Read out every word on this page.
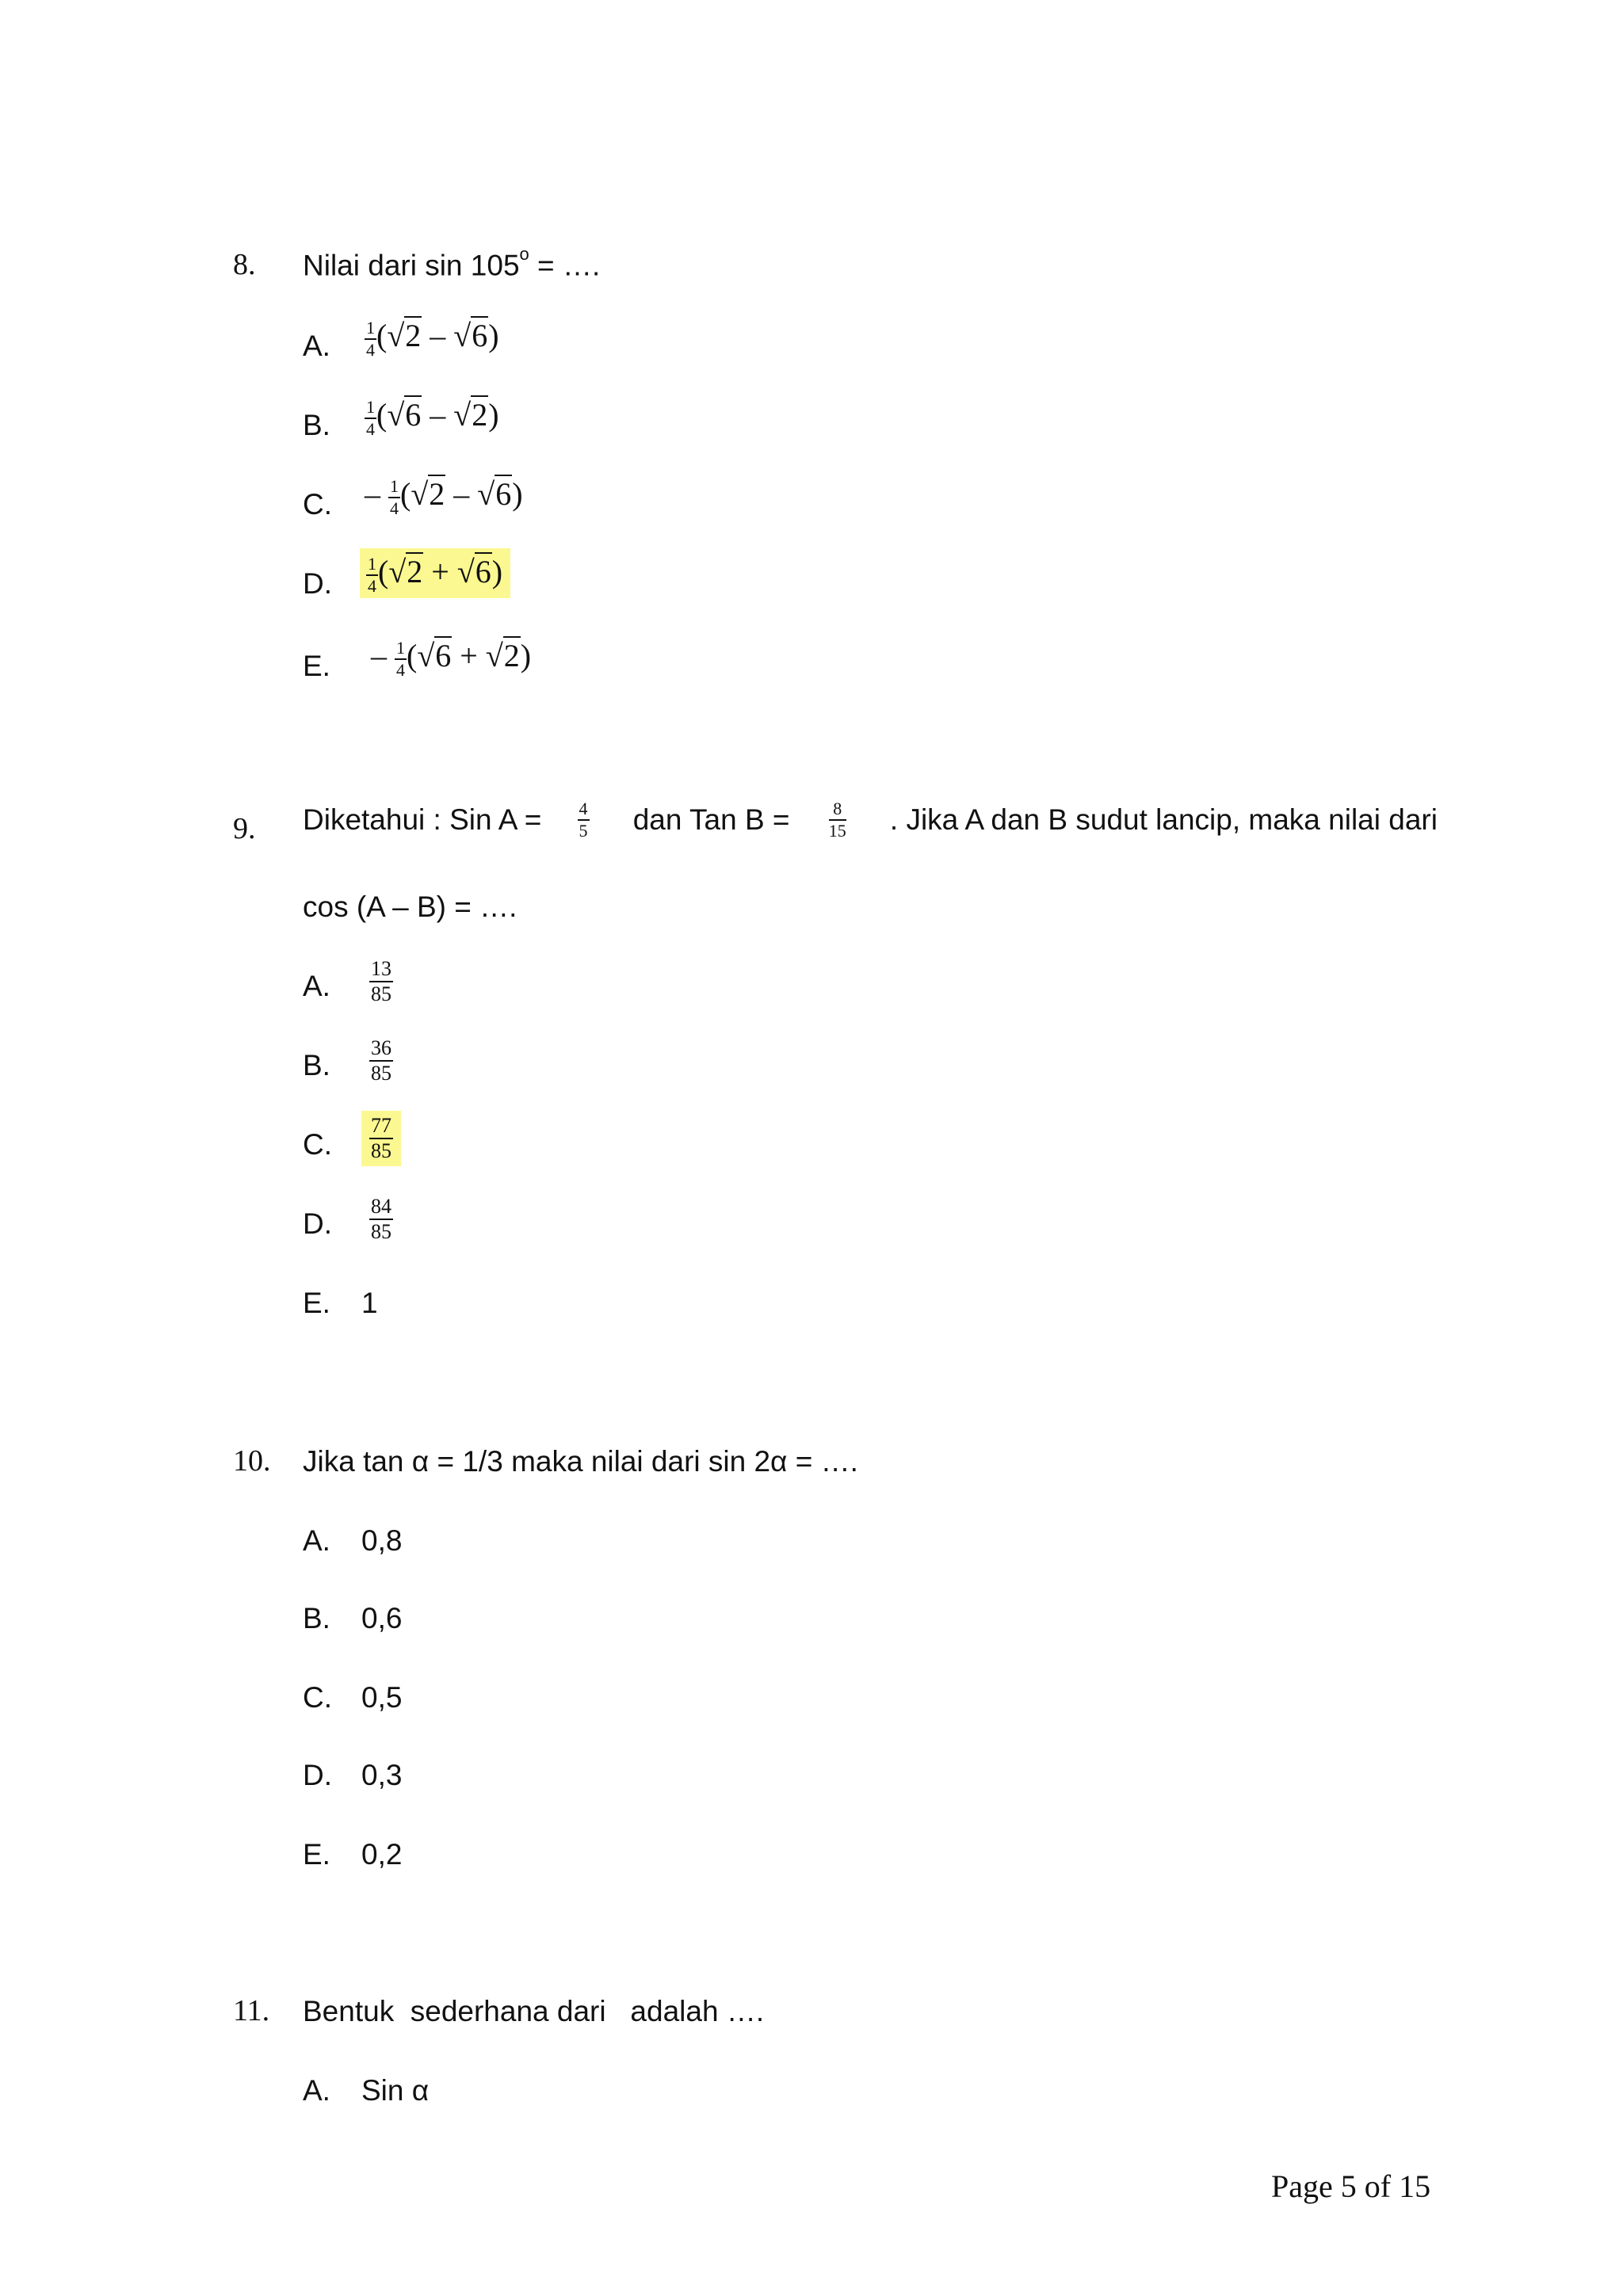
8. Nilai dari $\sin 105^o$ = ….
A. $\frac{1}{4} (√2 - √6)$
B. $\frac{1}{4} (√6 - √2)$
C. – $\frac{1}{4} (√2 - √6)$
D. $\frac{1}{4} (√2 + √6)$
E. – $\frac{1}{4} (√6 + √2)$
9. Diketahui : Sin $A = \frac{4}{5}$ dan Tan $B = \frac{8}{15}$ . Jika A dan B sudut lancip, maka nilai dari
cos (A – B) = ….
A. $\frac{13}{85}$
B. $\frac{36}{85}$
C. $\frac{77}{85}$
D. $\frac{84}{85}$
E. 1
10. Jika tan α = 1/3 maka nilai dari sin 2α = ….
A. 0,8
B. 0,6
C. 0,5
D. 0,3
E. 0,2
11. Bentuk  sederhana dari   adalah ….
A. Sin α
Page 5 of 15
